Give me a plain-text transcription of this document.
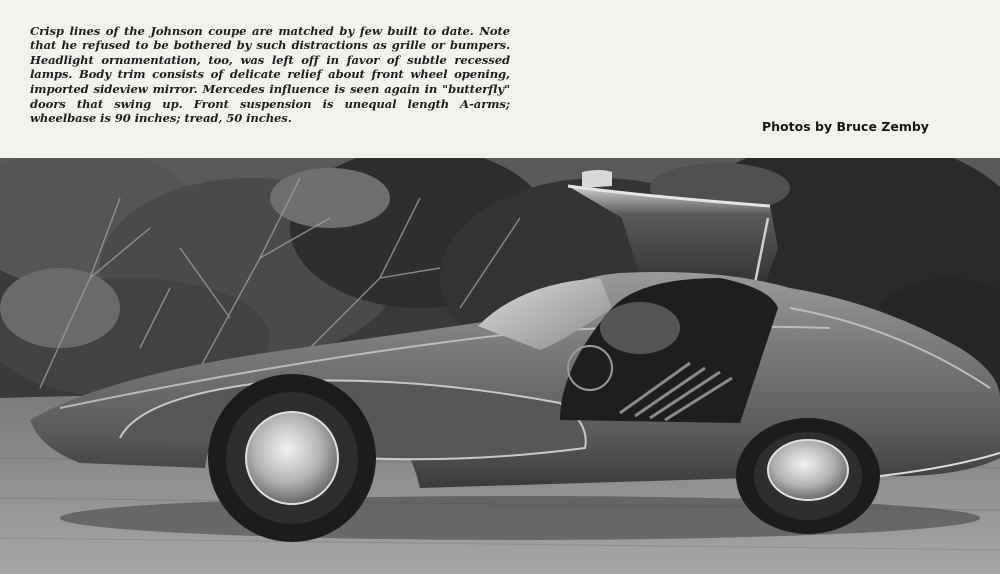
Crisp lines of the Johnson coupe are matched by few built to date. Note that he refused to be bothered by such distractions as grille or bumpers. Headlight ornamentation, too, was left off in favor of subtle recessed lamps. Body trim consists of delicate relief about front wheel opening, imported sideview mirror. Mercedes influence is seen again in "butterfly" doors that swing up. Front suspension is unequal length A-arms; wheelbase is 90 inches; tread, 50 inches.

Photos by Bruce Zemby
